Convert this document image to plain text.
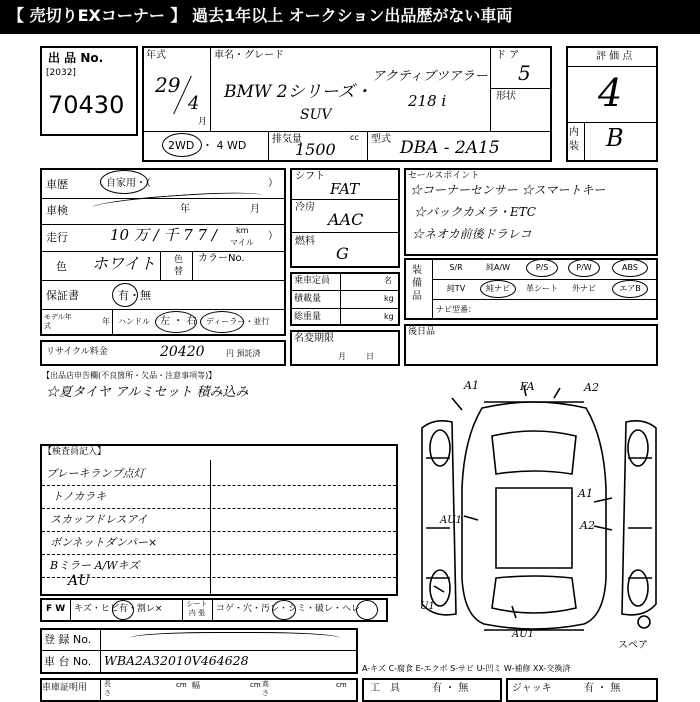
【 売切りEXコーナー 】 過去1年以上 オークション出品歴がない車両
出 品 No.
[2032]
70430
年式
29
4
月
車名・グレード
BMW 2シリーズ・
SUV
アクティブツアラー
218 i
ド ア
5
形状
2WD ・ 4 WD	排気量	cc
1500
型式 DBA - 2A15
評 価 点
4
内装 B
車歴	自家用・（	）
車検	年	月
走行	10 万 / 千 7 7 / km
マイル
）
色 ホワイト 色替
カラーNo.
保証書	有・無
モデル年式	年 ハンドル 左 ・ 右 ディーラー・並行
リサイクル料金	20420	円 預託済
シフト
FAT
冷房
AAC
燃料
G
乗車定員	名
積載量	kg
総重量	kg
名変期限
月日
セールスポイント
☆コーナーセンサー ☆スマートキー
☆バックカメラ・ETC
☆ネオカ前後ドラレコ
装備品
S/R	純A/W	P/S	P/W	ABS
純TV	純ナビ	革シート	外ナビ	エアB
ナビ型番：
後日品
【出品店申告欄(不良箇所・欠品・注意事項等)】
☆夏タイヤ アルミセット 積み込み
【検査員記入】
ブレーキランプ点灯
トノカラキ
スカッフドレスアイ
ボンネットダンパー×
Bミラー A/Wキズ
AU
A1	FA	A2
A1
A2
AU1
U1
AU1
スペア
F W キズ・ヒビ有・割レ×	シート 内 張	コゲ・穴・汚レ・シミ・破レ・ヘレ
登 録 No.
車 台 No. WBA2A32010V464628
A-キズ C-腐食 E-エクボ S-サビ U-凹ミ W-補修 XX-交換済
車庫証明用 長さ
cm 幅	cm 高さ
cm 工　具	有 ・ 無	ジャッキ	有 ・ 無
